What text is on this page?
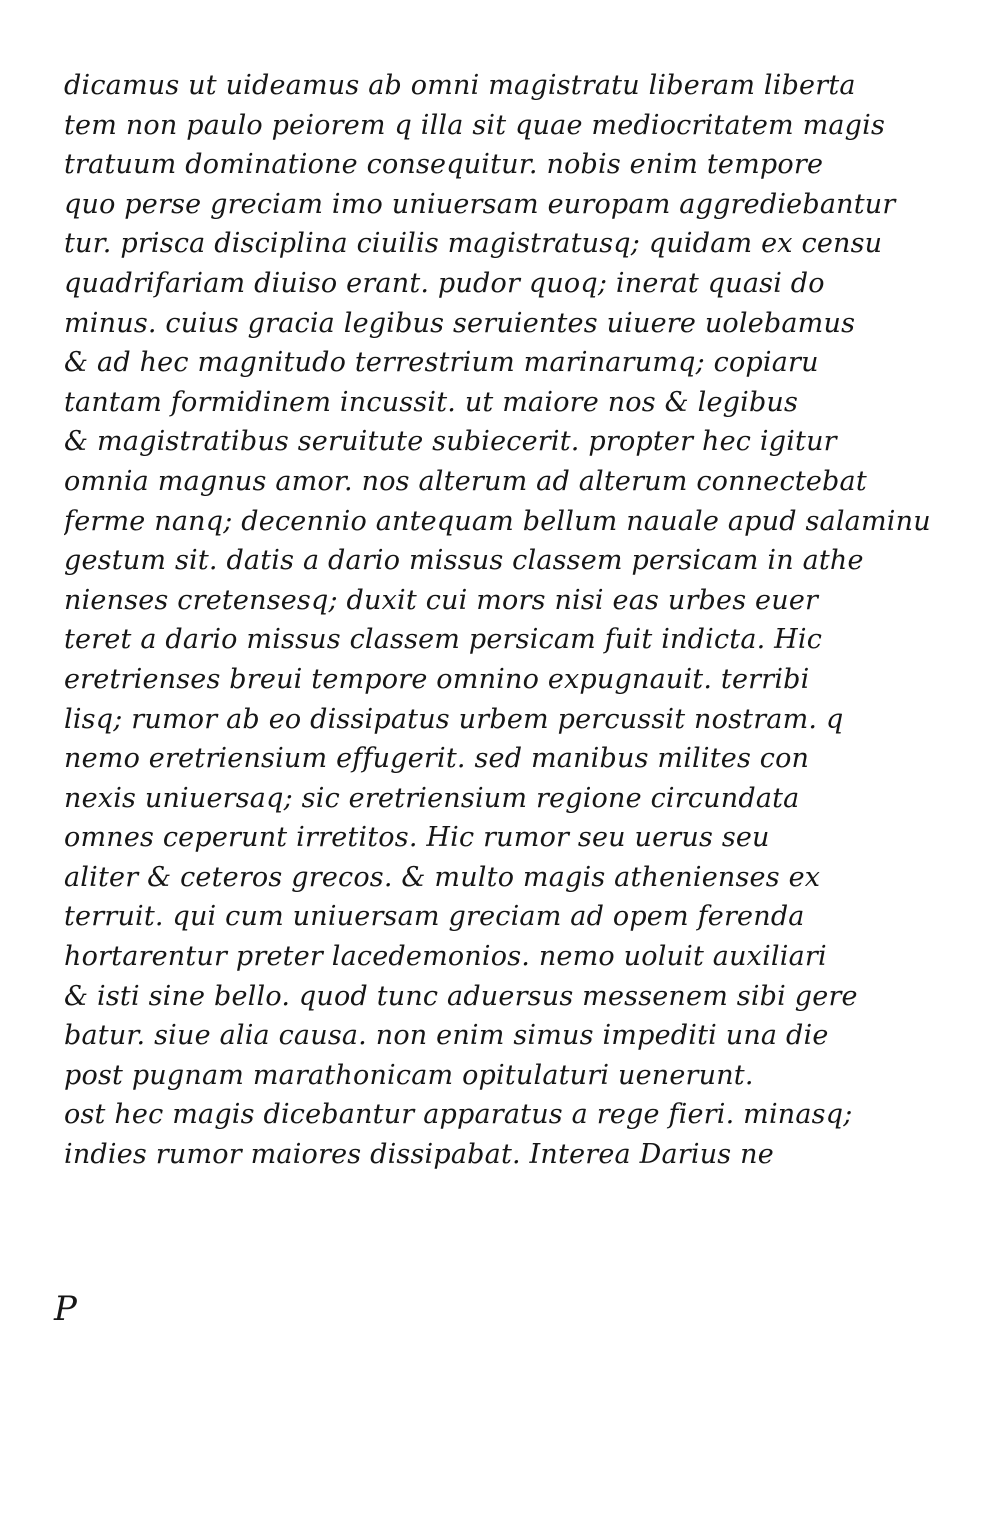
P
dicamus ut uideamus ab omni magistratu liberam liberta
tem non paulo peiorem q illa sit quae mediocritatem magis
tratuum dominatione consequitur. nobis enim tempore
quo perse greciam imo uniuersam europam aggrediebantur
tur. prisca disciplina ciuilis magistratusq; quidam ex censu
quadrifariam diuiso erant. pudor quoq; inerat quasi do
minus. cuius gracia legibus seruientes uiuere uolebamus
& ad hec magnitudo terrestrium marinarumq; copiaru
tantam formidinem incussit. ut maiore nos & legibus
& magistratibus seruitute subiecerit. propter hec igitur
omnia magnus amor. nos alterum ad alterum connectebat
ferme nanq; decennio antequam bellum nauale apud salaminu
gestum sit. datis a dario missus classem persicam in athe
nienses cretensesq; duxit cui mors nisi eas urbes euer
teret a dario missus classem persicam fuit indicta. Hic
eretrienses breui tempore omnino expugnauit. terribi
lisq; rumor ab eo dissipatus urbem percussit nostram. q
nemo eretriensium effugerit. sed manibus milites con
nexis uniuersaq; sic eretriensium regione circundata
omnes ceperunt irretitos. Hic rumor seu uerus seu
aliter & ceteros grecos. & multo magis athenienses ex
terruit. qui cum uniuersam greciam ad opem ferenda
hortarentur preter lacedemonios. nemo uoluit auxiliari
& isti sine bello. quod tunc aduersus messenem sibi gere
batur. siue alia causa. non enim simus impediti una die
post pugnam marathonicam opitulaturi uenerunt.
ost hec magis dicebantur apparatus a rege fieri. minasq;
indies rumor maiores dissipabat. Interea Darius ne
